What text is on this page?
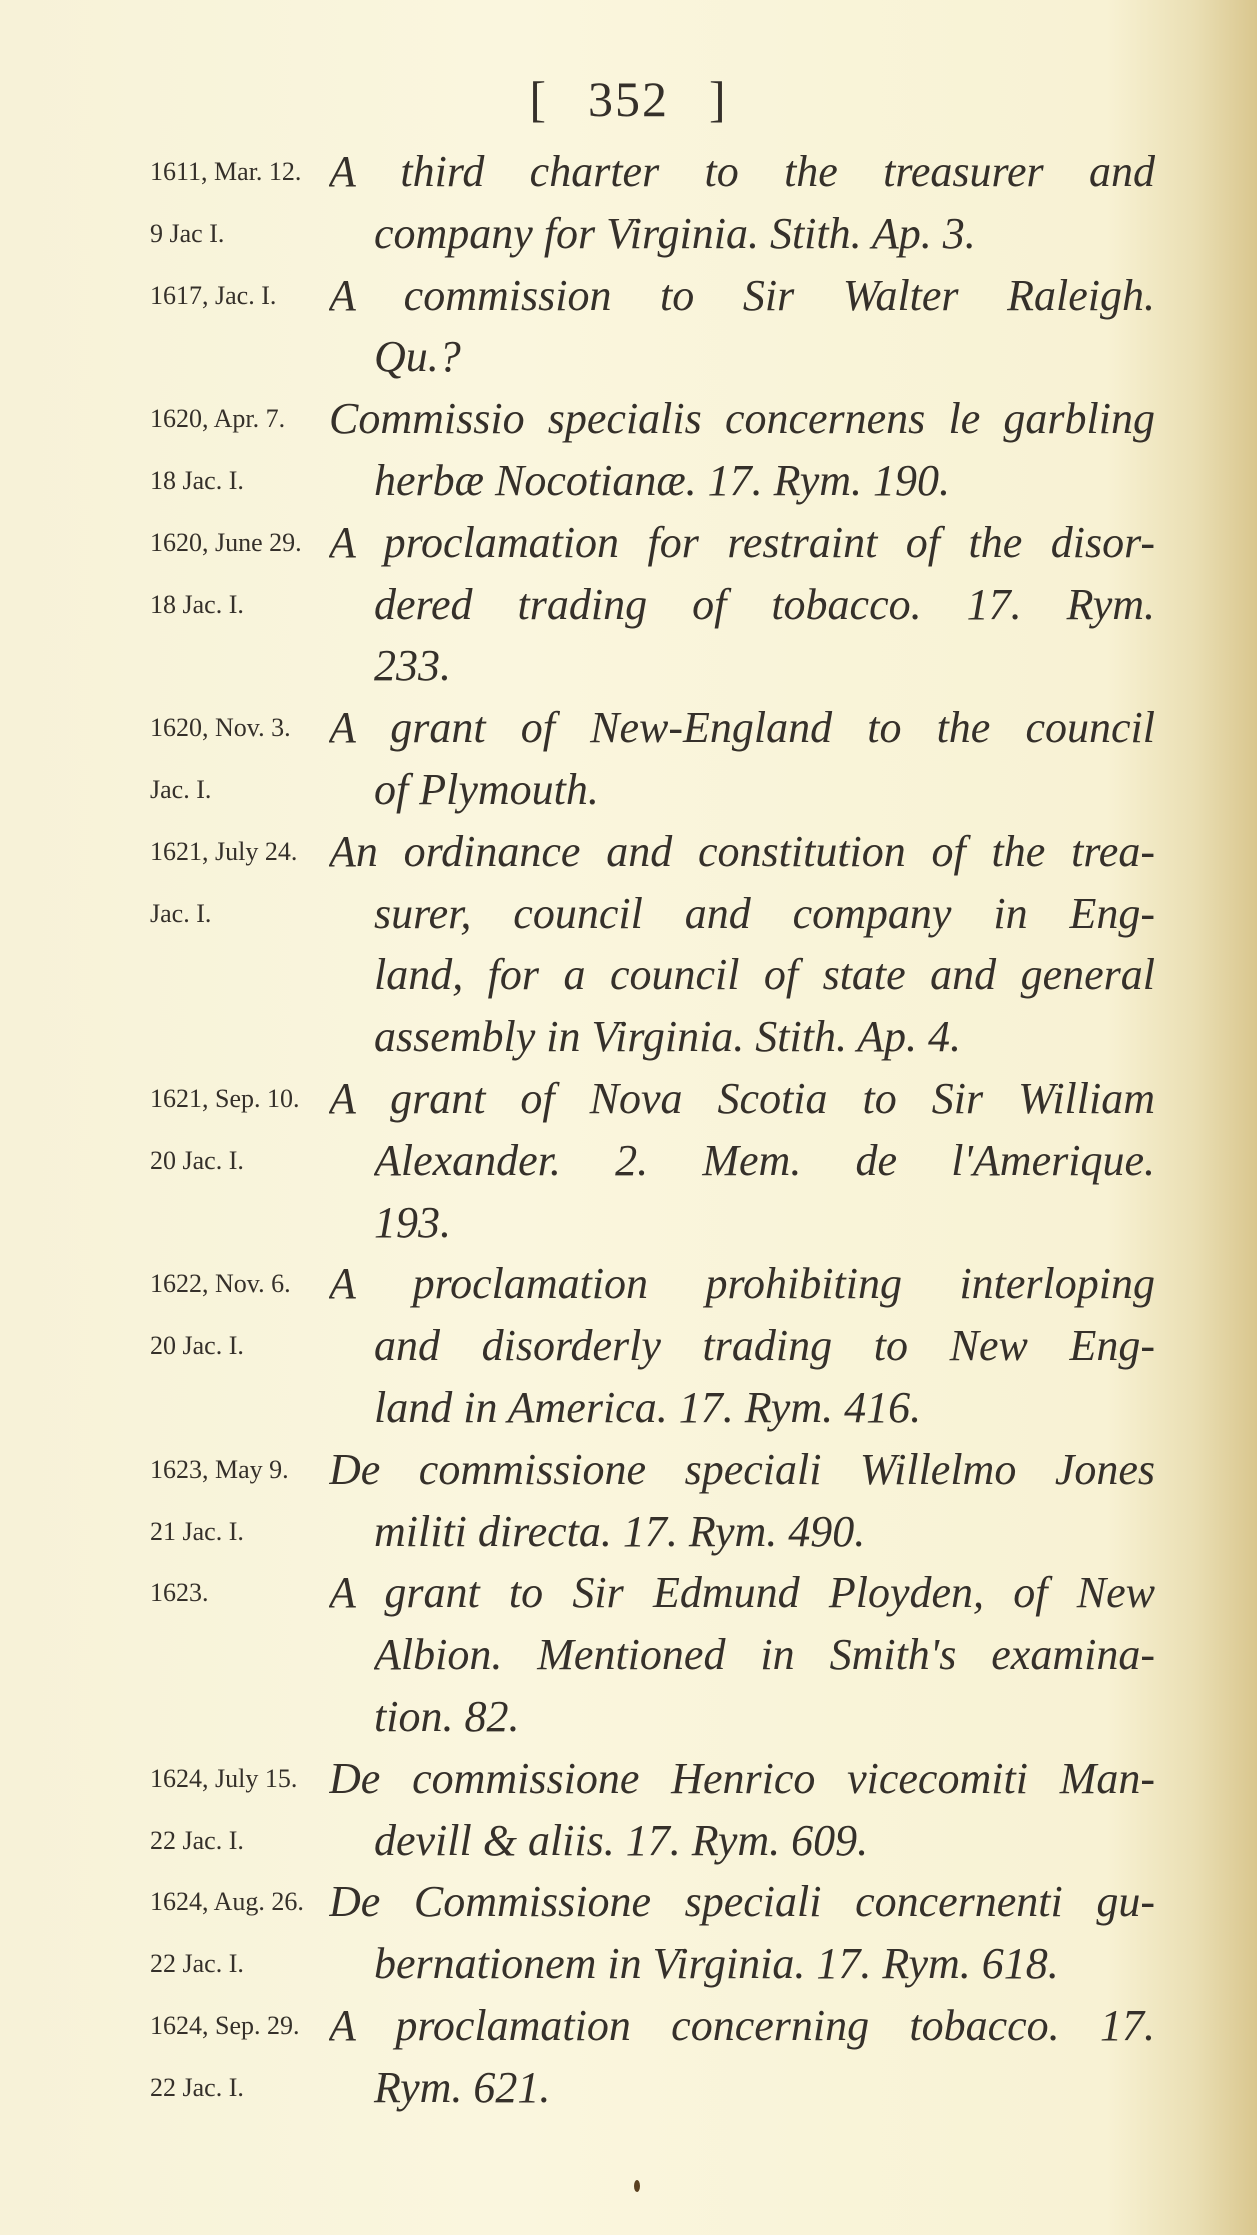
[ 352 ]
1611, Mar. 12.
9 Jac I.
A third charter to the treasurer and
company for Virginia. Stith. Ap. 3.
1617, Jac. I.	A commission to Sir Walter Raleigh.
Qu.?
1620, Apr. 7.
18 Jac. I.
Commissio specialis concernens le garbling
herbæ Nocotianæ. 17. Rym. 190.
1620, June 29.
18 Jac. I.
A proclamation for restraint of the disor-
dered trading of tobacco. 17. Rym.
233.
1620, Nov. 3.
Jac. I.
A grant of New-England to the council
of Plymouth.
1621, July 24.
Jac. I.
An ordinance and constitution of the trea-
surer, council and company in Eng-
land, for a council of state and general
assembly in Virginia. Stith. Ap. 4.
1621, Sep. 10.
20 Jac. I.
A grant of Nova Scotia to Sir William
Alexander. 2. Mem. de l'Amerique.
193.
1622, Nov. 6.
20 Jac. I.
A proclamation prohibiting interloping
and disorderly trading to New Eng-
land in America. 17. Rym. 416.
1623, May 9.
21 Jac. I.
De commissione speciali Willelmo Jones
militi directa. 17. Rym. 490.
1623.	A grant to Sir Edmund Ployden, of New
Albion. Mentioned in Smith's examina-
tion. 82.
1624, July 15.
22 Jac. I.
De commissione Henrico vicecomiti Man-
devill & aliis. 17. Rym. 609.
1624, Aug. 26.
22 Jac. I.
De Commissione speciali concernenti gu-
bernationem in Virginia. 17. Rym. 618.
1624, Sep. 29.
22 Jac. I.
A proclamation concerning tobacco. 17.
Rym. 621.
